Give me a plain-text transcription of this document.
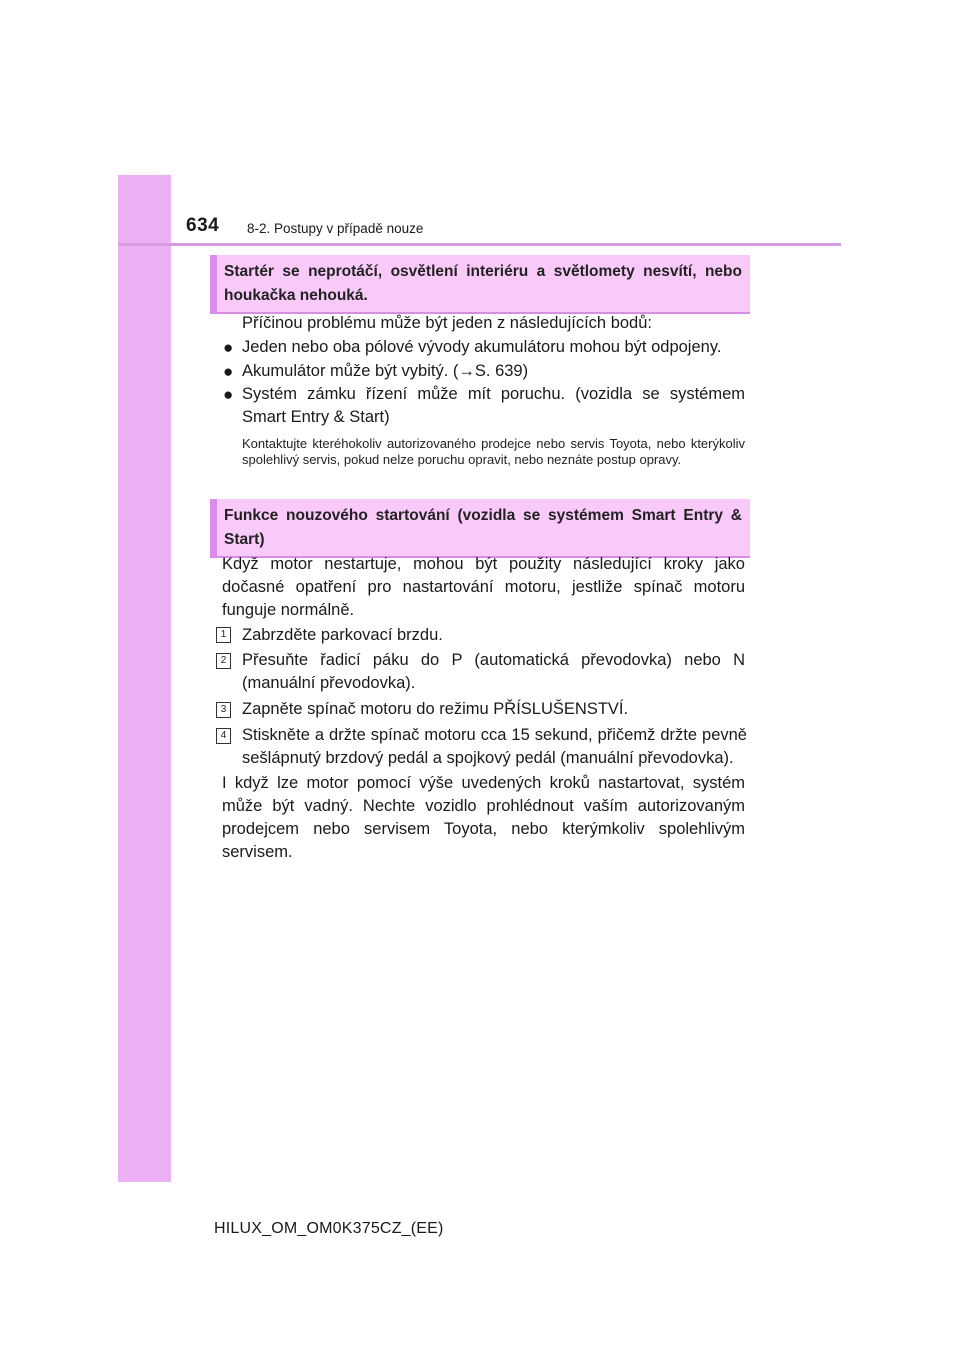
634 8-2. Postupy v případě nouze
Startér se neprotáčí, osvětlení interiéru a světlomety nesvítí, nebo houkačka nehouká.
Příčinou problému může být jeden z následujících bodů:
● Jeden nebo oba pólové vývody akumulátoru mohou být odpojeny.
● Akumulátor může být vybitý. (→S. 639)
● Systém zámku řízení může mít poruchu. (vozidla se systémem Smart Entry & Start)
Kontaktujte kteréhokoliv autorizovaného prodejce nebo servis Toyota, nebo kterýkoliv spolehlivý servis, pokud nelze poruchu opravit, nebo neznáte postup opravy.
Funkce nouzového startování (vozidla se systémem Smart Entry & Start)
Když motor nestartuje, mohou být použity následující kroky jako dočasné opatření pro nastartování motoru, jestliže spínač motoru funguje normálně.
1 Zabrzděte parkovací brzdu.
2 Přesuňte řadicí páku do P (automatická převodovka) nebo N (manuální převodovka).
3 Zapněte spínač motoru do režimu PŘÍSLUŠENSTVÍ.
4 Stiskněte a držte spínač motoru cca 15 sekund, přičemž držte pevně sešlápnutý brzdový pedál a spojkový pedál (manuální převodovka).
I když lze motor pomocí výše uvedených kroků nastartovat, systém může být vadný. Nechte vozidlo prohlédnout vaším autorizovaným prodejcem nebo servisem Toyota, nebo kterýmkoliv spolehlivým servisem.
HILUX_OM_OM0K375CZ_(EE)
